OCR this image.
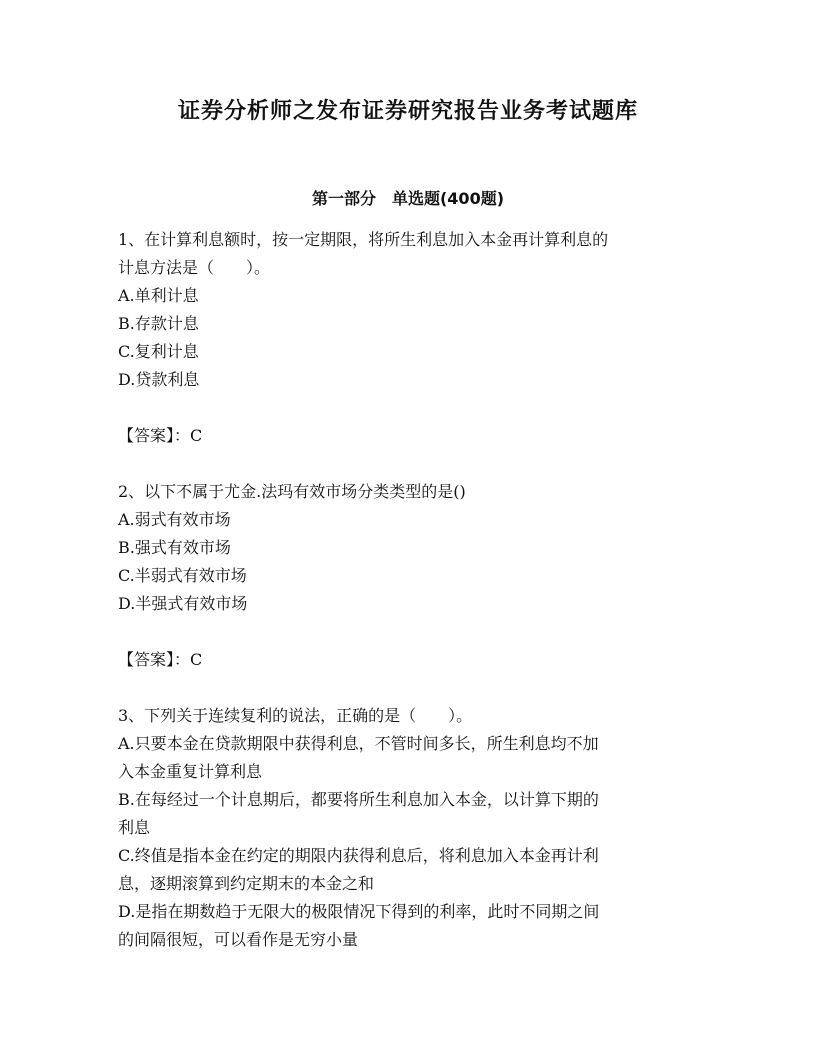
证券分析师之发布证券研究报告业务考试题库
第一部分　单选题(400题)
1、在计算利息额时，按一定期限，将所生利息加入本金再计算利息的
计息方法是（　　）。
A.单利计息
B.存款计息
C.复利计息
D.贷款利息
【答案】：C
2、以下不属于尤金.法玛有效市场分类类型的是()
A.弱式有效市场
B.强式有效市场
C.半弱式有效市场
D.半强式有效市场
【答案】：C
3、下列关于连续复利的说法，正确的是（　　）。
A.只要本金在贷款期限中获得利息，不管时间多长，所生利息均不加
入本金重复计算利息
B.在每经过一个计息期后，都要将所生利息加入本金，以计算下期的
利息
C.终值是指本金在约定的期限内获得利息后，将利息加入本金再计利
息，逐期滚算到约定期末的本金之和
D.是指在期数趋于无限大的极限情况下得到的利率，此时不同期之间
的间隔很短，可以看作是无穷小量
